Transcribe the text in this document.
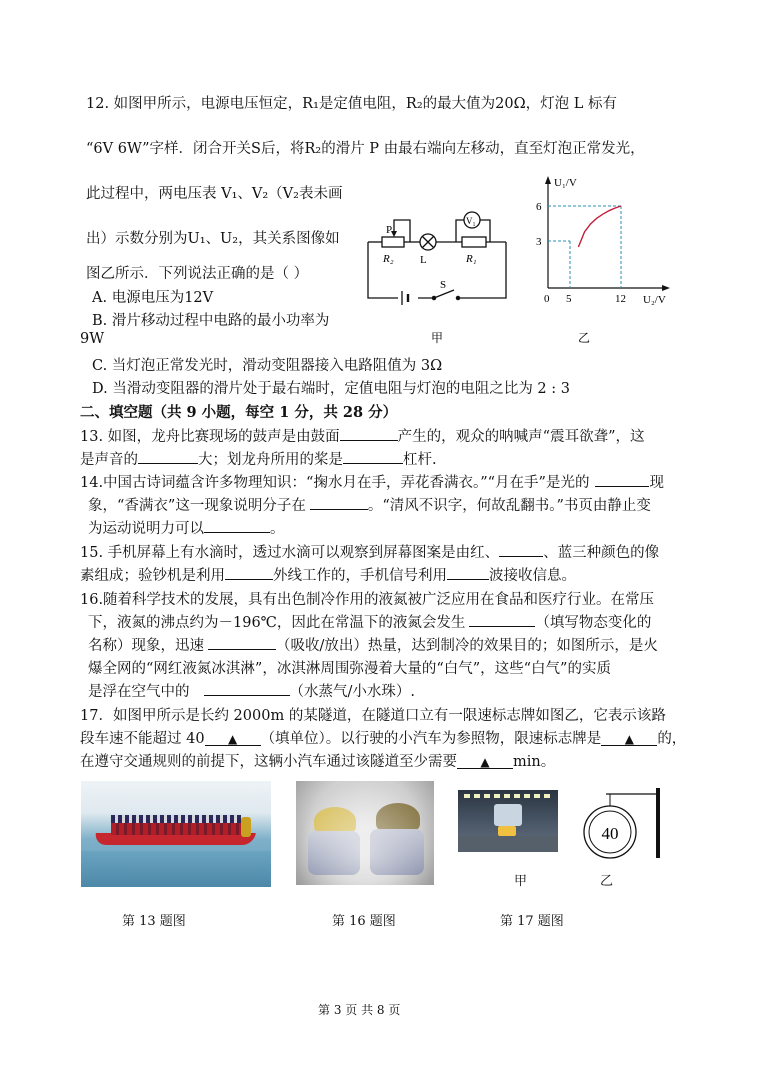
12. 如图甲所示，电源电压恒定，R₁是定值电阻，R₂的最大值为20Ω，灯泡 L 标有
“6V 6W”字样．闭合开关S后，将R₂的滑片 P 由最右端向左移动，直至灯泡正常发光，
此过程中，两电压表 V₁、V₂（V₂表未画
出）示数分别为U₁、U₂，其关系图像如
图乙所示．下列说法正确的是（ ）
A. 电源电压为12V
B. 滑片移动过程中电路的最小功率为
9W
C. 当灯泡正常发光时，滑动变阻器接入电路阻值为 3Ω
D. 当滑动变阻器的滑片处于最右端时，定值电阻与灯泡的电阻之比为 2 : 3
P
R₂ L	R₁
V₁
S
甲
U₁/V
U₂/V
6
3
0 5	12
乙
二、填空题（共 9 小题，每空 1 分，共 28 分）
13. 如图，龙舟比赛现场的鼓声是由鼓面	产生的，观众的呐喊声“震耳欲聋”，这
是声音的	大；划龙舟所用的桨是	杠杆.
14.中国古诗词蕴含许多物理知识：“掬水月在手，弄花香满衣。”“月在手”是光的	现
象，“香满衣”这一现象说明分子在	。“清风不识字，何故乱翻书。”书页由静止变
为运动说明力可以	。
15. 手机屏幕上有水滴时，透过水滴可以观察到屏幕图案是由红、	、蓝三种颜色的像
素组成；验钞机是利用	外线工作的，手机信号利用	波接收信息。
16.随着科学技术的发展，具有出色制冷作用的液氮被广泛应用在食品和医疗行业。在常压
下，液氮的沸点约为－196℃，因此在常温下的液氮会发生	（填写物态变化的
名称）现象，迅速	（吸收/放出）热量，达到制冷的效果目的；如图所示，是火
爆全网的“网红液氮冰淇淋”，冰淇淋周围弥漫着大量的“白气”，这些“白气”的实质
是浮在空气中的	（水蒸气/小水珠）.
17．如图甲所示是长约 2000m 的某隧道，在隧道口立有一限速标志牌如图乙，它表示该路
段车速不能超过 40 ▲ （填单位）。以行驶的小汽车为参照物，限速标志牌是 ▲ 的，
在遵守交通规则的前提下，这辆小汽车通过该隧道至少需要 ▲ min。
甲
40
乙
第 13 题图	第 16 题图	第 17 题图
第 3 页 共 8 页
